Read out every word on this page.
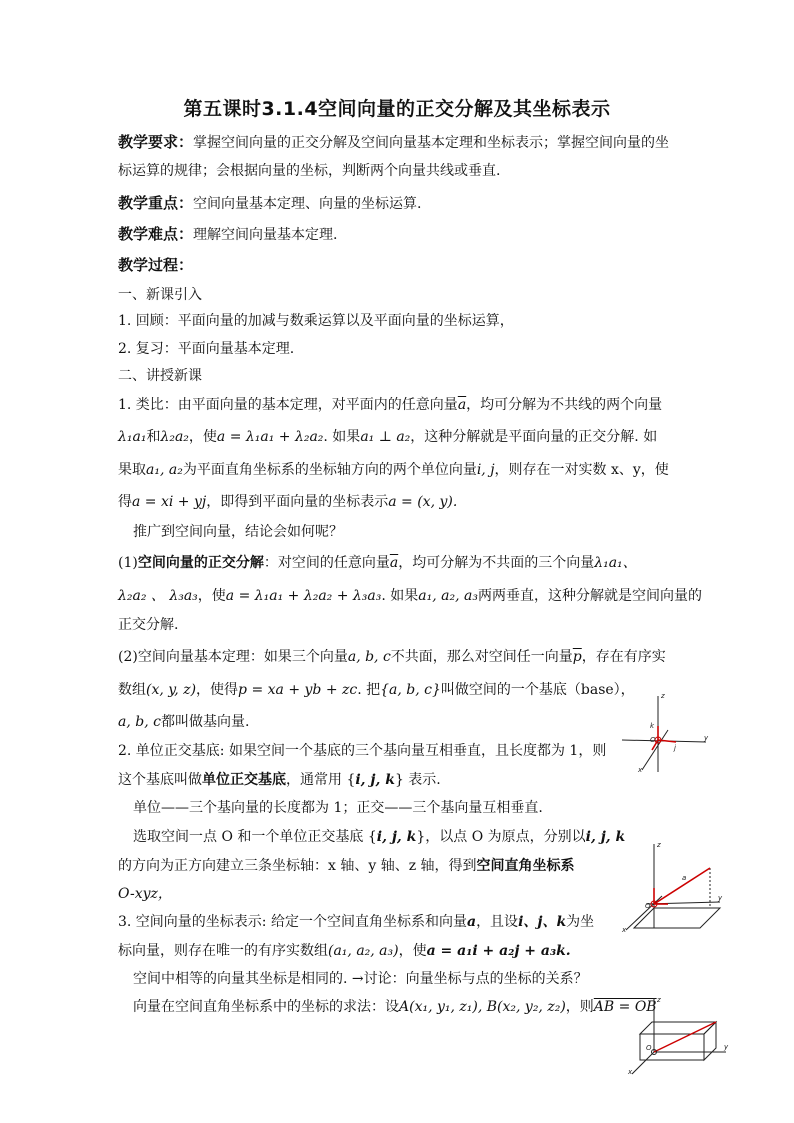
第五课时3.1.4空间向量的正交分解及其坐标表示
教学要求：掌握空间向量的正交分解及空间向量基本定理和坐标表示；掌握空间向量的坐
标运算的规律；会根据向量的坐标，判断两个向量共线或垂直.
教学重点：空间向量基本定理、向量的坐标运算.
教学难点：理解空间向量基本定理.
教学过程：
一、新课引入
1. 回顾：平面向量的加减与数乘运算以及平面向量的坐标运算，
2. 复习：平面向量基本定理.
二、讲授新课
1. 类比：由平面向量的基本定理，对平面内的任意向量$\overline{a}$，均可分解为不共线的两个向量
λ₁a₁和λ₂a₂，使a = λ₁a₁ + λ₂a₂. 如果a₁ ⊥ a₂，这种分解就是平面向量的正交分解. 如
果取a₁, a₂为平面直角坐标系的坐标轴方向的两个单位向量i, j，则存在一对实数 x、y，使
得a = xi + yj，即得到平面向量的坐标表示a = (x, y).
推广到空间向量，结论会如何呢？
(1)空间向量的正交分解：对空间的任意向量$\overline{a}$，均可分解为不共面的三个向量λ₁a₁、
λ₂a₂ 、 λ₃a₃，使a = λ₁a₁ + λ₂a₂ + λ₃a₃. 如果a₁, a₂, a₃两两垂直，这种分解就是空间向量的
正交分解.
(2)空间向量基本定理：如果三个向量a, b, c不共面，那么对空间任一向量$\overline{p}$，存在有序实
数组(x, y, z)，使得p = xa + yb + zc. 把{a, b, c}叫做空间的一个基底（base），
a, b, c都叫做基向量.
2. 单位正交基底: 如果空间一个基底的三个基向量互相垂直，且长度都为 1，则
这个基底叫做单位正交基底，通常用 {i, j, k} 表示.
单位——三个基向量的长度都为 1；正交——三个基向量互相垂直.
选取空间一点 O 和一个单位正交基底 {i, j, k}，以点 O 为原点，分别以i, j, k
的方向为正方向建立三条坐标轴：x 轴、y 轴、z 轴，得到空间直角坐标系
O-xyz，
3. 空间向量的坐标表示: 给定一个空间直角坐标系和向量a，且设i、j、k为坐
标向量，则存在唯一的有序实数组(a₁, a₂, a₃)，使a = a₁i + a₂j + a₃k.
空间中相等的向量其坐标是相同的. →讨论：向量坐标与点的坐标的关系？
向量在空间直角坐标系中的坐标的求法：设A(x₁, y₁, z₁), B(x₂, y₂, z₂)，则AB = OB
z
k
O
j
y
x
z
a
O
y
x
z
O	y
x
